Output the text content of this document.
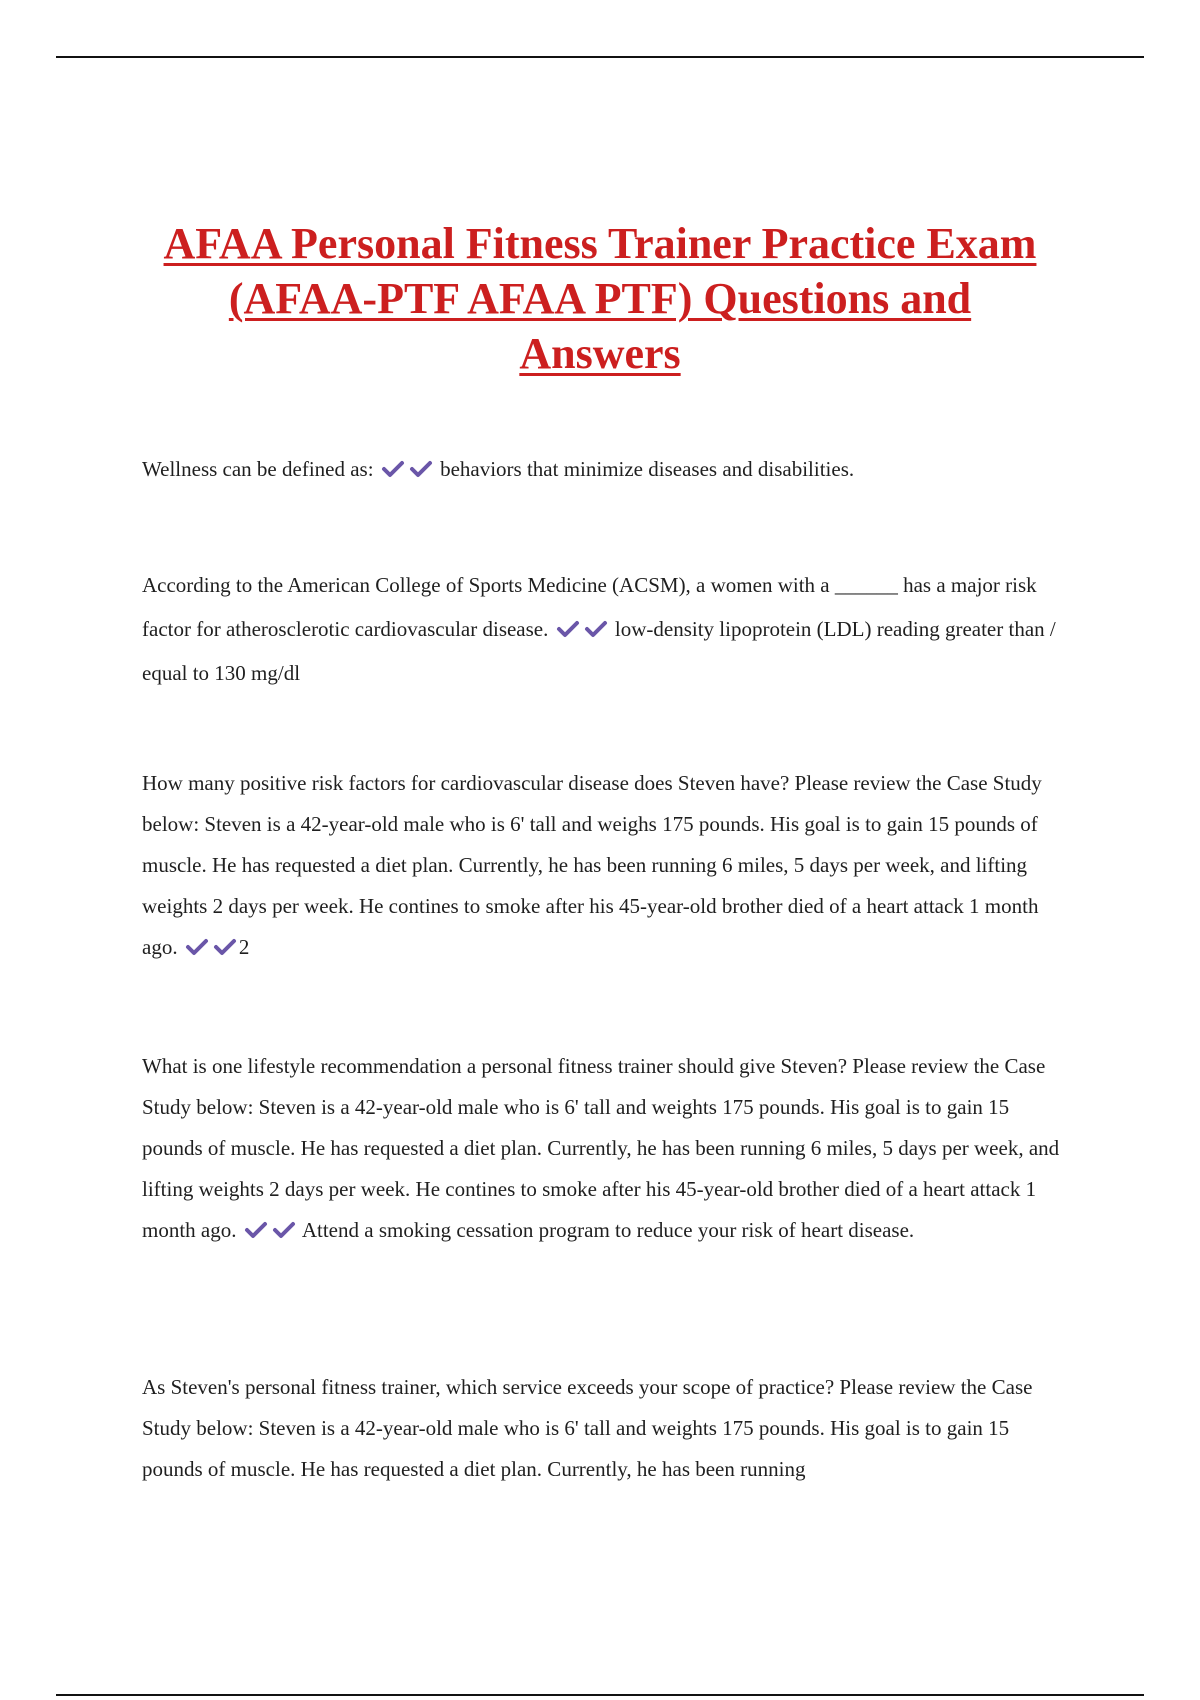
AFAA Personal Fitness Trainer Practice Exam (AFAA-PTF AFAA PTF) Questions and Answers

Wellness can be defined as:	behaviors that minimize diseases and disabilities.

According to the American College of Sports Medicine (ACSM), a women with a ______ has a major risk factor for atherosclerotic cardiovascular disease.	low-density lipoprotein (LDL) reading greater than / equal to 130 mg/dl

How many positive risk factors for cardiovascular disease does Steven have? Please review the Case Study below: Steven is a 42-year-old male who is 6' tall and weighs 175 pounds. His goal is to gain 15 pounds of muscle. He has requested a diet plan. Currently, he has been running 6 miles, 5 days per week, and lifting weights 2 days per week. He contines to smoke after his 45-year-old brother died of a heart attack 1 month ago.	2

What is one lifestyle recommendation a personal fitness trainer should give Steven? Please review the Case Study below: Steven is a 42-year-old male who is 6' tall and weights 175 pounds. His goal is to gain 15 pounds of muscle. He has requested a diet plan. Currently, he has been running 6 miles, 5 days per week, and lifting weights 2 days per week. He contines to smoke after his 45-year-old brother died of a heart attack 1 month ago.	Attend a smoking cessation program to reduce your risk of heart disease.

As Steven's personal fitness trainer, which service exceeds your scope of practice? Please review the Case Study below: Steven is a 42-year-old male who is 6' tall and weights 175 pounds. His goal is to gain 15 pounds of muscle. He has requested a diet plan. Currently, he has been running
